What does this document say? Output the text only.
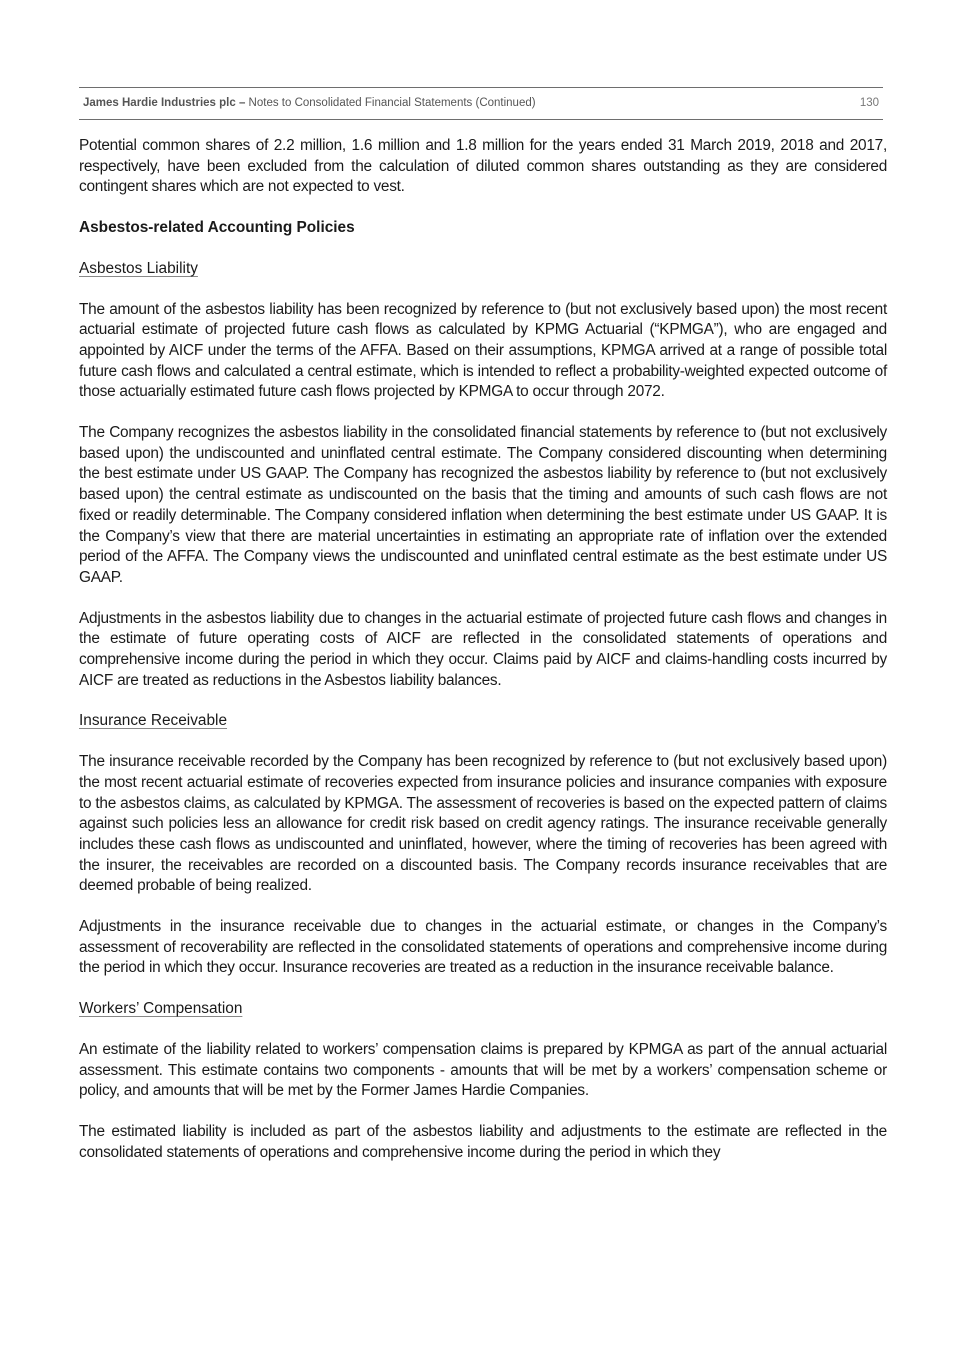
James Hardie Industries plc – Notes to Consolidated Financial Statements (Continued)	130

Potential common shares of 2.2 million, 1.6 million and 1.8 million for the years ended 31 March 2019, 2018 and 2017, respectively, have been excluded from the calculation of diluted common shares outstanding as they are considered contingent shares which are not expected to vest.

Asbestos-related Accounting Policies
Asbestos Liability

The amount of the asbestos liability has been recognized by reference to (but not exclusively based upon) the most recent actuarial estimate of projected future cash flows as calculated by KPMG Actuarial (“KPMGA”), who are engaged and appointed by AICF under the terms of the AFFA. Based on their assumptions, KPMGA arrived at a range of possible total future cash flows and calculated a central estimate, which is intended to reflect a probability-weighted expected outcome of those actuarially estimated future cash flows projected by KPMGA to occur through 2072.

The Company recognizes the asbestos liability in the consolidated financial statements by reference to (but not exclusively based upon) the undiscounted and uninflated central estimate. The Company considered discounting when determining the best estimate under US GAAP. The Company has recognized the asbestos liability by reference to (but not exclusively based upon) the central estimate as undiscounted on the basis that the timing and amounts of such cash flows are not fixed or readily determinable. The Company considered inflation when determining the best estimate under US GAAP. It is the Company’s view that there are material uncertainties in estimating an appropriate rate of inflation over the extended period of the AFFA. The Company views the undiscounted and uninflated central estimate as the best estimate under US GAAP.

Adjustments in the asbestos liability due to changes in the actuarial estimate of projected future cash flows and changes in the estimate of future operating costs of AICF are reflected in the consolidated statements of operations and comprehensive income during the period in which they occur. Claims paid by AICF and claims-handling costs incurred by AICF are treated as reductions in the Asbestos liability balances.

Insurance Receivable

The insurance receivable recorded by the Company has been recognized by reference to (but not exclusively based upon) the most recent actuarial estimate of recoveries expected from insurance policies and insurance companies with exposure to the asbestos claims, as calculated by KPMGA. The assessment of recoveries is based on the expected pattern of claims against such policies less an allowance for credit risk based on credit agency ratings. The insurance receivable generally includes these cash flows as undiscounted and uninflated, however, where the timing of recoveries has been agreed with the insurer, the receivables are recorded on a discounted basis. The Company records insurance receivables that are deemed probable of being realized.

Adjustments in the insurance receivable due to changes in the actuarial estimate, or changes in the Company’s assessment of recoverability are reflected in the consolidated statements of operations and comprehensive income during the period in which they occur. Insurance recoveries are treated as a reduction in the insurance receivable balance.

Workers’ Compensation

An estimate of the liability related to workers’ compensation claims is prepared by KPMGA as part of the annual actuarial assessment. This estimate contains two components - amounts that will be met by a workers’ compensation scheme or policy, and amounts that will be met by the Former James Hardie Companies.

The estimated liability is included as part of the asbestos liability and adjustments to the estimate are reflected in the consolidated statements of operations and comprehensive income during the period in which they
